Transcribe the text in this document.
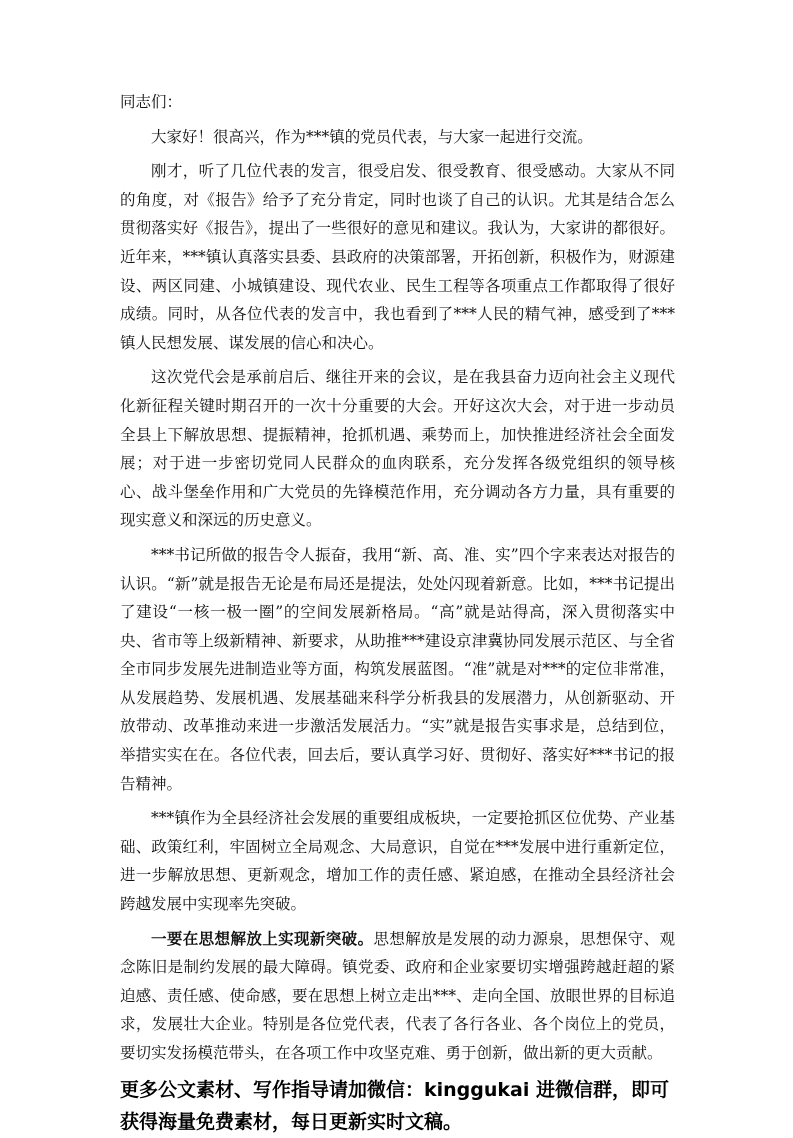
同志们：

大家好！很高兴，作为***镇的党员代表，与大家一起进行交流。

刚才，听了几位代表的发言，很受启发、很受教育、很受感动。大家从不同的角度，对《报告》给予了充分肯定，同时也谈了自己的认识。尤其是结合怎么贯彻落实好《报告》，提出了一些很好的意见和建议。我认为，大家讲的都很好。近年来，***镇认真落实县委、县政府的决策部署，开拓创新，积极作为，财源建设、两区同建、小城镇建设、现代农业、民生工程等各项重点工作都取得了很好成绩。同时，从各位代表的发言中，我也看到了***人民的精气神，感受到了***镇人民想发展、谋发展的信心和决心。

这次党代会是承前启后、继往开来的会议，是在我县奋力迈向社会主义现代化新征程关键时期召开的一次十分重要的大会。开好这次大会，对于进一步动员全县上下解放思想、提振精神，抢抓机遇、乘势而上，加快推进经济社会全面发展；对于进一步密切党同人民群众的血肉联系，充分发挥各级党组织的领导核心、战斗堡垒作用和广大党员的先锋模范作用，充分调动各方力量，具有重要的现实意义和深远的历史意义。

***书记所做的报告令人振奋，我用“新、高、准、实”四个字来表达对报告的认识。“新”就是报告无论是布局还是提法，处处闪现着新意。比如，***书记提出了建设“一核一极一圈”的空间发展新格局。“高”就是站得高，深入贯彻落实中央、省市等上级新精神、新要求，从助推***建设京津冀协同发展示范区、与全省全市同步发展先进制造业等方面，构筑发展蓝图。“准”就是对***的定位非常准，从发展趋势、发展机遇、发展基础来科学分析我县的发展潜力，从创新驱动、开放带动、改革推动来进一步激活发展活力。“实”就是报告实事求是，总结到位，举措实实在在。各位代表，回去后，要认真学习好、贯彻好、落实好***书记的报告精神。

***镇作为全县经济社会发展的重要组成板块，一定要抢抓区位优势、产业基础、政策红利，牢固树立全局观念、大局意识，自觉在***发展中进行重新定位，进一步解放思想、更新观念，增加工作的责任感、紧迫感，在推动全县经济社会跨越发展中实现率先突破。

一要在思想解放上实现新突破。思想解放是发展的动力源泉，思想保守、观念陈旧是制约发展的最大障碍。镇党委、政府和企业家要切实增强跨越赶超的紧迫感、责任感、使命感，要在思想上树立走出***、走向全国、放眼世界的目标追求，发展壮大企业。特别是各位党代表，代表了各行各业、各个岗位上的党员，要切实发扬模范带头，在各项工作中攻坚克难、勇于创新，做出新的更大贡献。

更多公文素材、写作指导请加微信：kinggukai 进微信群，即可获得海量免费素材，每日更新实时文稿。
